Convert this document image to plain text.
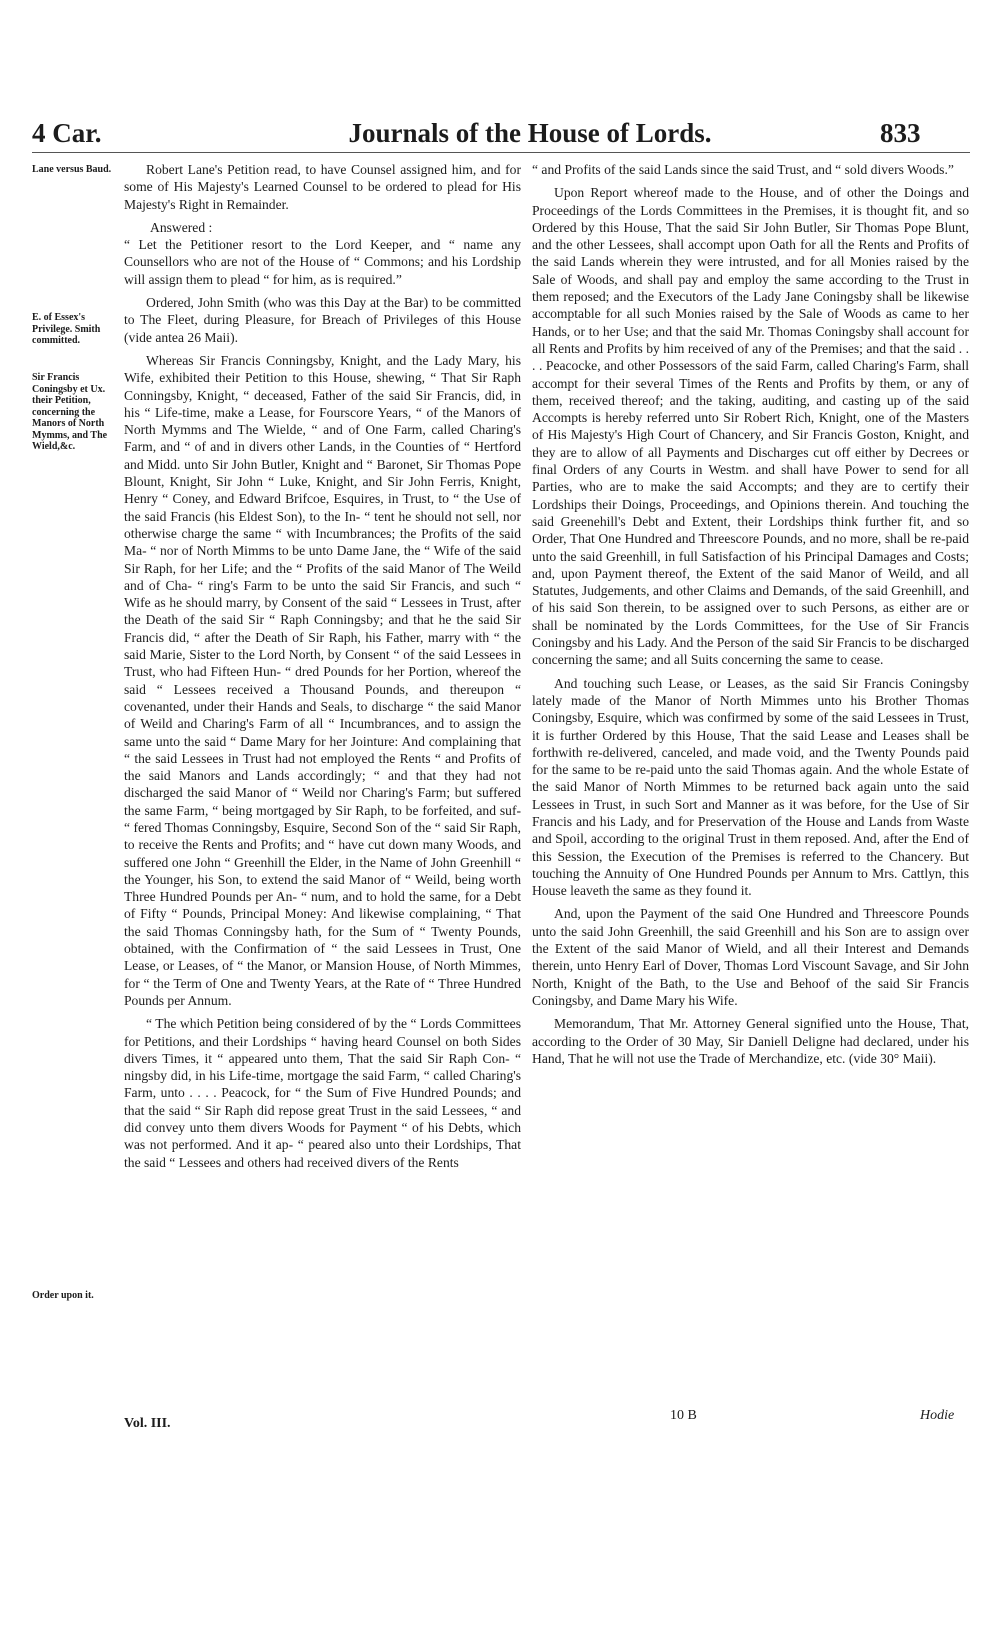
4 Car.	Journals of the House of Lords.	833
Lane versus Baud.
E. of Essex's Privilege. Smith committed.
Sir Francis Coningsby et Ux. their Petition, concerning the Manors of North Mymms, and The Wield,&c.
Order upon it.

Robert Lane's Petition read, to have Counsel assigned him, and for some of His Majesty's Learned Counsel to be ordered to plead for His Majesty's Right in Remainder.

Answered :

“ Let the Petitioner resort to the Lord Keeper, and “ name any Counsellors who are not of the House of “ Commons; and his Lordship will assign them to plead “ for him, as is required.”

Ordered, John Smith (who was this Day at the Bar) to be committed to The Fleet, during Pleasure, for Breach of Privileges of this House (vide antea 26 Maii).

Whereas Sir Francis Conningsby, Knight, and the Lady Mary, his Wife, exhibited their Petition to this House, shewing, “ That Sir Raph Conningsby, Knight, “ deceased, Father of the said Sir Francis, did, in his “ Life-time, make a Lease, for Fourscore Years, “ of the Manors of North Mymms and The Wielde, “ and of One Farm, called Charing's Farm, and “ of and in divers other Lands, in the Counties of “ Hertford and Midd. unto Sir John Butler, Knight and “ Baronet, Sir Thomas Pope Blount, Knight, Sir John “ Luke, Knight, and Sir John Ferris, Knight, Henry “ Coney, and Edward Brifcoe, Esquires, in Trust, to “ the Use of the said Francis (his Eldest Son), to the In- “ tent he should not sell, nor otherwise charge the same “ with Incumbrances; the Profits of the said Ma- “ nor of North Mimms to be unto Dame Jane, the “ Wife of the said Sir Raph, for her Life; and the “ Profits of the said Manor of The Weild and of Cha- “ ring's Farm to be unto the said Sir Francis, and such “ Wife as he should marry, by Consent of the said “ Lessees in Trust, after the Death of the said Sir “ Raph Conningsby; and that he the said Sir Francis did, “ after the Death of Sir Raph, his Father, marry with “ the said Marie, Sister to the Lord North, by Consent “ of the said Lessees in Trust, who had Fifteen Hun- “ dred Pounds for her Portion, whereof the said “ Lessees received a Thousand Pounds, and thereupon “ covenanted, under their Hands and Seals, to discharge “ the said Manor of Weild and Charing's Farm of all “ Incumbrances, and to assign the same unto the said “ Dame Mary for her Jointure: And complaining that “ the said Lessees in Trust had not employed the Rents “ and Profits of the said Manors and Lands accordingly; “ and that they had not discharged the said Manor of “ Weild nor Charing's Farm; but suffered the same Farm, “ being mortgaged by Sir Raph, to be forfeited, and suf- “ fered Thomas Conningsby, Esquire, Second Son of the “ said Sir Raph, to receive the Rents and Profits; and “ have cut down many Woods, and suffered one John “ Greenhill the Elder, in the Name of John Greenhill “ the Younger, his Son, to extend the said Manor of “ Weild, being worth Three Hundred Pounds per An- “ num, and to hold the same, for a Debt of Fifty “ Pounds, Principal Money: And likewise complaining, “ That the said Thomas Conningsby hath, for the Sum of “ Twenty Pounds, obtained, with the Confirmation of “ the said Lessees in Trust, One Lease, or Leases, of “ the Manor, or Mansion House, of North Mimmes, for “ the Term of One and Twenty Years, at the Rate of “ Three Hundred Pounds per Annum.

“ The which Petition being considered of by the “ Lords Committees for Petitions, and their Lordships “ having heard Counsel on both Sides divers Times, it “ appeared unto them, That the said Sir Raph Con- “ ningsby did, in his Life-time, mortgage the said Farm, “ called Charing's Farm, unto . . . . Peacock, for “ the Sum of Five Hundred Pounds; and that the said “ Sir Raph did repose great Trust in the said Lessees, “ and did convey unto them divers Woods for Payment “ of his Debts, which was not performed. And it ap- “ peared also unto their Lordships, That the said “ Lessees and others had received divers of the Rents

“ and Profits of the said Lands since the said Trust, and “ sold divers Woods.”

Upon Report whereof made to the House, and of other the Doings and Proceedings of the Lords Committees in the Premises, it is thought fit, and so Ordered by this House, That the said Sir John Butler, Sir Thomas Pope Blunt, and the other Lessees, shall accompt upon Oath for all the Rents and Profits of the said Lands wherein they were intrusted, and for all Monies raised by the Sale of Woods, and shall pay and employ the same according to the Trust in them reposed; and the Executors of the Lady Jane Coningsby shall be likewise accomptable for all such Monies raised by the Sale of Woods as came to her Hands, or to her Use; and that the said Mr. Thomas Coningsby shall account for all Rents and Profits by him received of any of the Premises; and that the said . . . . Peacocke, and other Possessors of the said Farm, called Charing's Farm, shall accompt for their several Times of the Rents and Profits by them, or any of them, received thereof; and the taking, auditing, and casting up of the said Accompts is hereby referred unto Sir Robert Rich, Knight, one of the Masters of His Majesty's High Court of Chancery, and Sir Francis Goston, Knight, and they are to allow of all Payments and Discharges cut off either by Decrees or final Orders of any Courts in Westm. and shall have Power to send for all Parties, who are to make the said Accompts; and they are to certify their Lordships their Doings, Proceedings, and Opinions therein. And touching the said Greenehill's Debt and Extent, their Lordships think further fit, and so Order, That One Hundred and Threescore Pounds, and no more, shall be re-paid unto the said Greenhill, in full Satisfaction of his Principal Damages and Costs; and, upon Payment thereof, the Extent of the said Manor of Weild, and all Statutes, Judgements, and other Claims and Demands, of the said Greenhill, and of his said Son therein, to be assigned over to such Persons, as either are or shall be nominated by the Lords Committees, for the Use of Sir Francis Coningsby and his Lady. And the Person of the said Sir Francis to be discharged concerning the same; and all Suits concerning the same to cease.

And touching such Lease, or Leases, as the said Sir Francis Coningsby lately made of the Manor of North Mimmes unto his Brother Thomas Coningsby, Esquire, which was confirmed by some of the said Lessees in Trust, it is further Ordered by this House, That the said Lease and Leases shall be forthwith re-delivered, canceled, and made void, and the Twenty Pounds paid for the same to be re-paid unto the said Thomas again. And the whole Estate of the said Manor of North Mimmes to be returned back again unto the said Lessees in Trust, in such Sort and Manner as it was before, for the Use of Sir Francis and his Lady, and for Preservation of the House and Lands from Waste and Spoil, according to the original Trust in them reposed. And, after the End of this Session, the Execution of the Premises is referred to the Chancery. But touching the Annuity of One Hundred Pounds per Annum to Mrs. Cattlyn, this House leaveth the same as they found it.

And, upon the Payment of the said One Hundred and Threescore Pounds unto the said John Greenhill, the said Greenhill and his Son are to assign over the Extent of the said Manor of Wield, and all their Interest and Demands therein, unto Henry Earl of Dover, Thomas Lord Viscount Savage, and Sir John North, Knight of the Bath, to the Use and Behoof of the said Sir Francis Coningsby, and Dame Mary his Wife.

Memorandum, That Mr. Attorney General signified unto the House, That, according to the Order of 30 May, Sir Daniell Deligne had declared, under his Hand, That he will not use the Trade of Merchandize, etc. (vide 30° Maii).

Vol. III.
10 B	Hodie
